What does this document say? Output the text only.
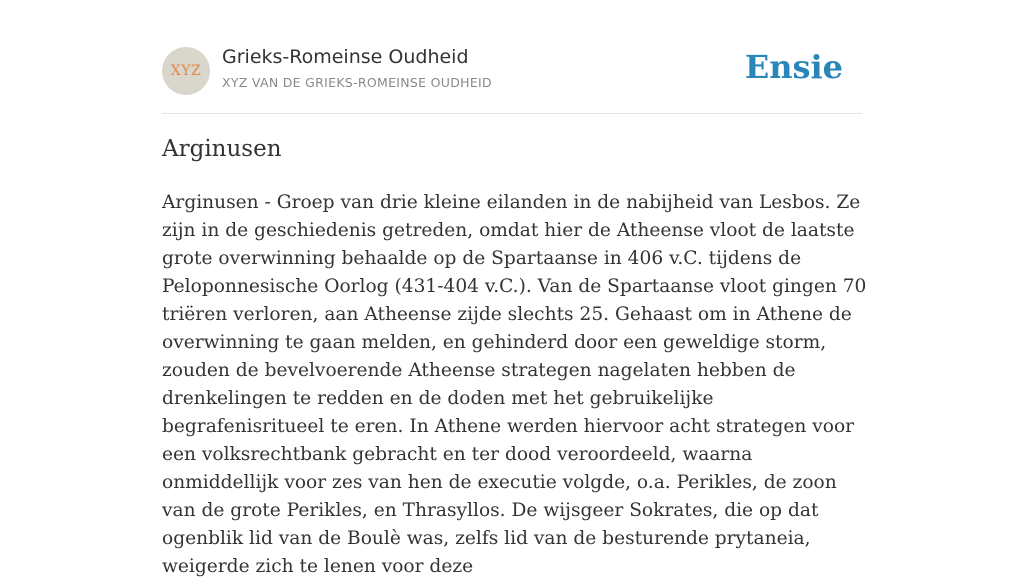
XYZ
Grieks-Romeinse Oudheid
XYZ VAN DE GRIEKS-ROMEINSE OUDHEID	Ensie
Arginusen

Arginusen - Groep van drie kleine eilanden in de nabijheid van Lesbos. Ze zijn in de geschiedenis getreden, omdat hier de Atheense vloot de laatste grote overwinning behaalde op de Spartaanse in 406 v.C. tijdens de Peloponnesische Oorlog (431-404 v.C.). Van de Spartaanse vloot gingen 70 triëren verloren, aan Atheense zijde slechts 25. Gehaast om in Athene de overwinning te gaan melden, en gehinderd door een geweldige storm, zouden de bevelvoerende Atheense strategen nagelaten hebben de drenkelingen te redden en de doden met het gebruikelijke begrafenisritueel te eren. In Athene werden hiervoor acht strategen voor een volksrechtbank gebracht en ter dood veroordeeld, waarna onmiddellijk voor zes van hen de executie volgde, o.a. Perikles, de zoon van de grote Perikles, en Thrasyllos. De wijsgeer Sokrates, die op dat ogenblik lid van de Boulè was, zelfs lid van de besturende prytaneia, weigerde zich te lenen voor deze
